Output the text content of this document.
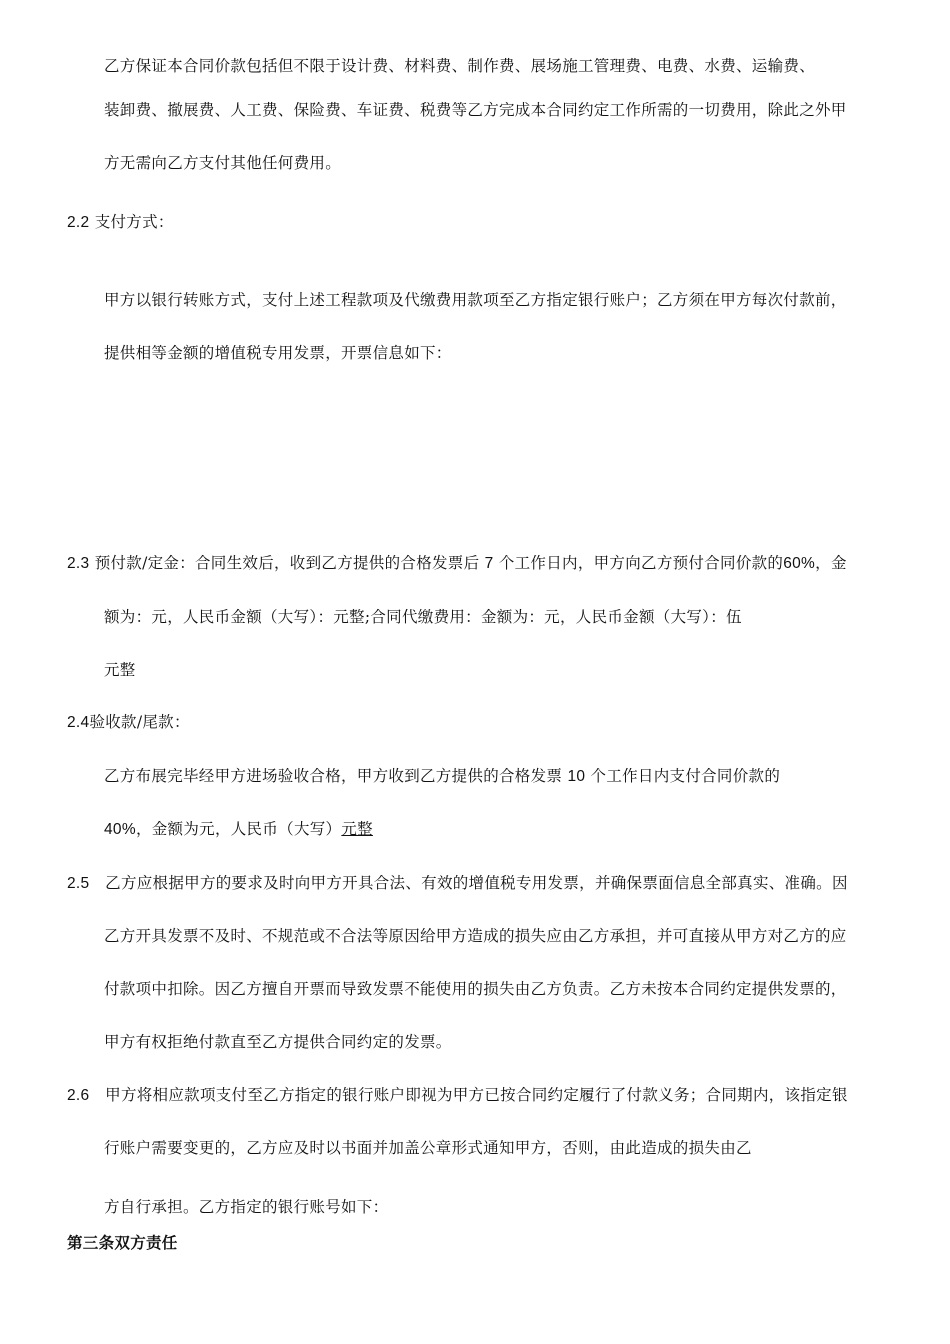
乙方保证本合同价款包括但不限于设计费、材料费、制作费、展场施工管理费、电费、水费、运输费、

装卸费、撤展费、人工费、保险费、车证费、税费等乙方完成本合同约定工作所需的一切费用，除此之外甲

方无需向乙方支付其他任何费用。

2.2 支付方式：

甲方以银行转账方式，支付上述工程款项及代缴费用款项至乙方指定银行账户；乙方须在甲方每次付款前，

提供相等金额的增值税专用发票，开票信息如下：

2.3 预付款/定金：合同生效后，收到乙方提供的合格发票后 7 个工作日内，甲方向乙方预付合同价款的60%，金

额为：元，人民币金额（大写）：元整;合同代缴费用：金额为：元，人民币金额（大写）：伍

元整

2.4验收款/尾款：

乙方布展完毕经甲方进场验收合格，甲方收到乙方提供的合格发票 10 个工作日内支付合同价款的

40%，金额为元，人民币（大写）元整

2.5 乙方应根据甲方的要求及时向甲方开具合法、有效的增值税专用发票，并确保票面信息全部真实、准确。因

乙方开具发票不及时、不规范或不合法等原因给甲方造成的损失应由乙方承担，并可直接从甲方对乙方的应

付款项中扣除。因乙方擅自开票而导致发票不能使用的损失由乙方负责。乙方未按本合同约定提供发票的，

甲方有权拒绝付款直至乙方提供合同约定的发票。

2.6 甲方将相应款项支付至乙方指定的银行账户即视为甲方已按合同约定履行了付款义务；合同期内，该指定银

行账户需要变更的，乙方应及时以书面并加盖公章形式通知甲方，否则，由此造成的损失由乙

方自行承担。乙方指定的银行账号如下：

第三条双方责任
